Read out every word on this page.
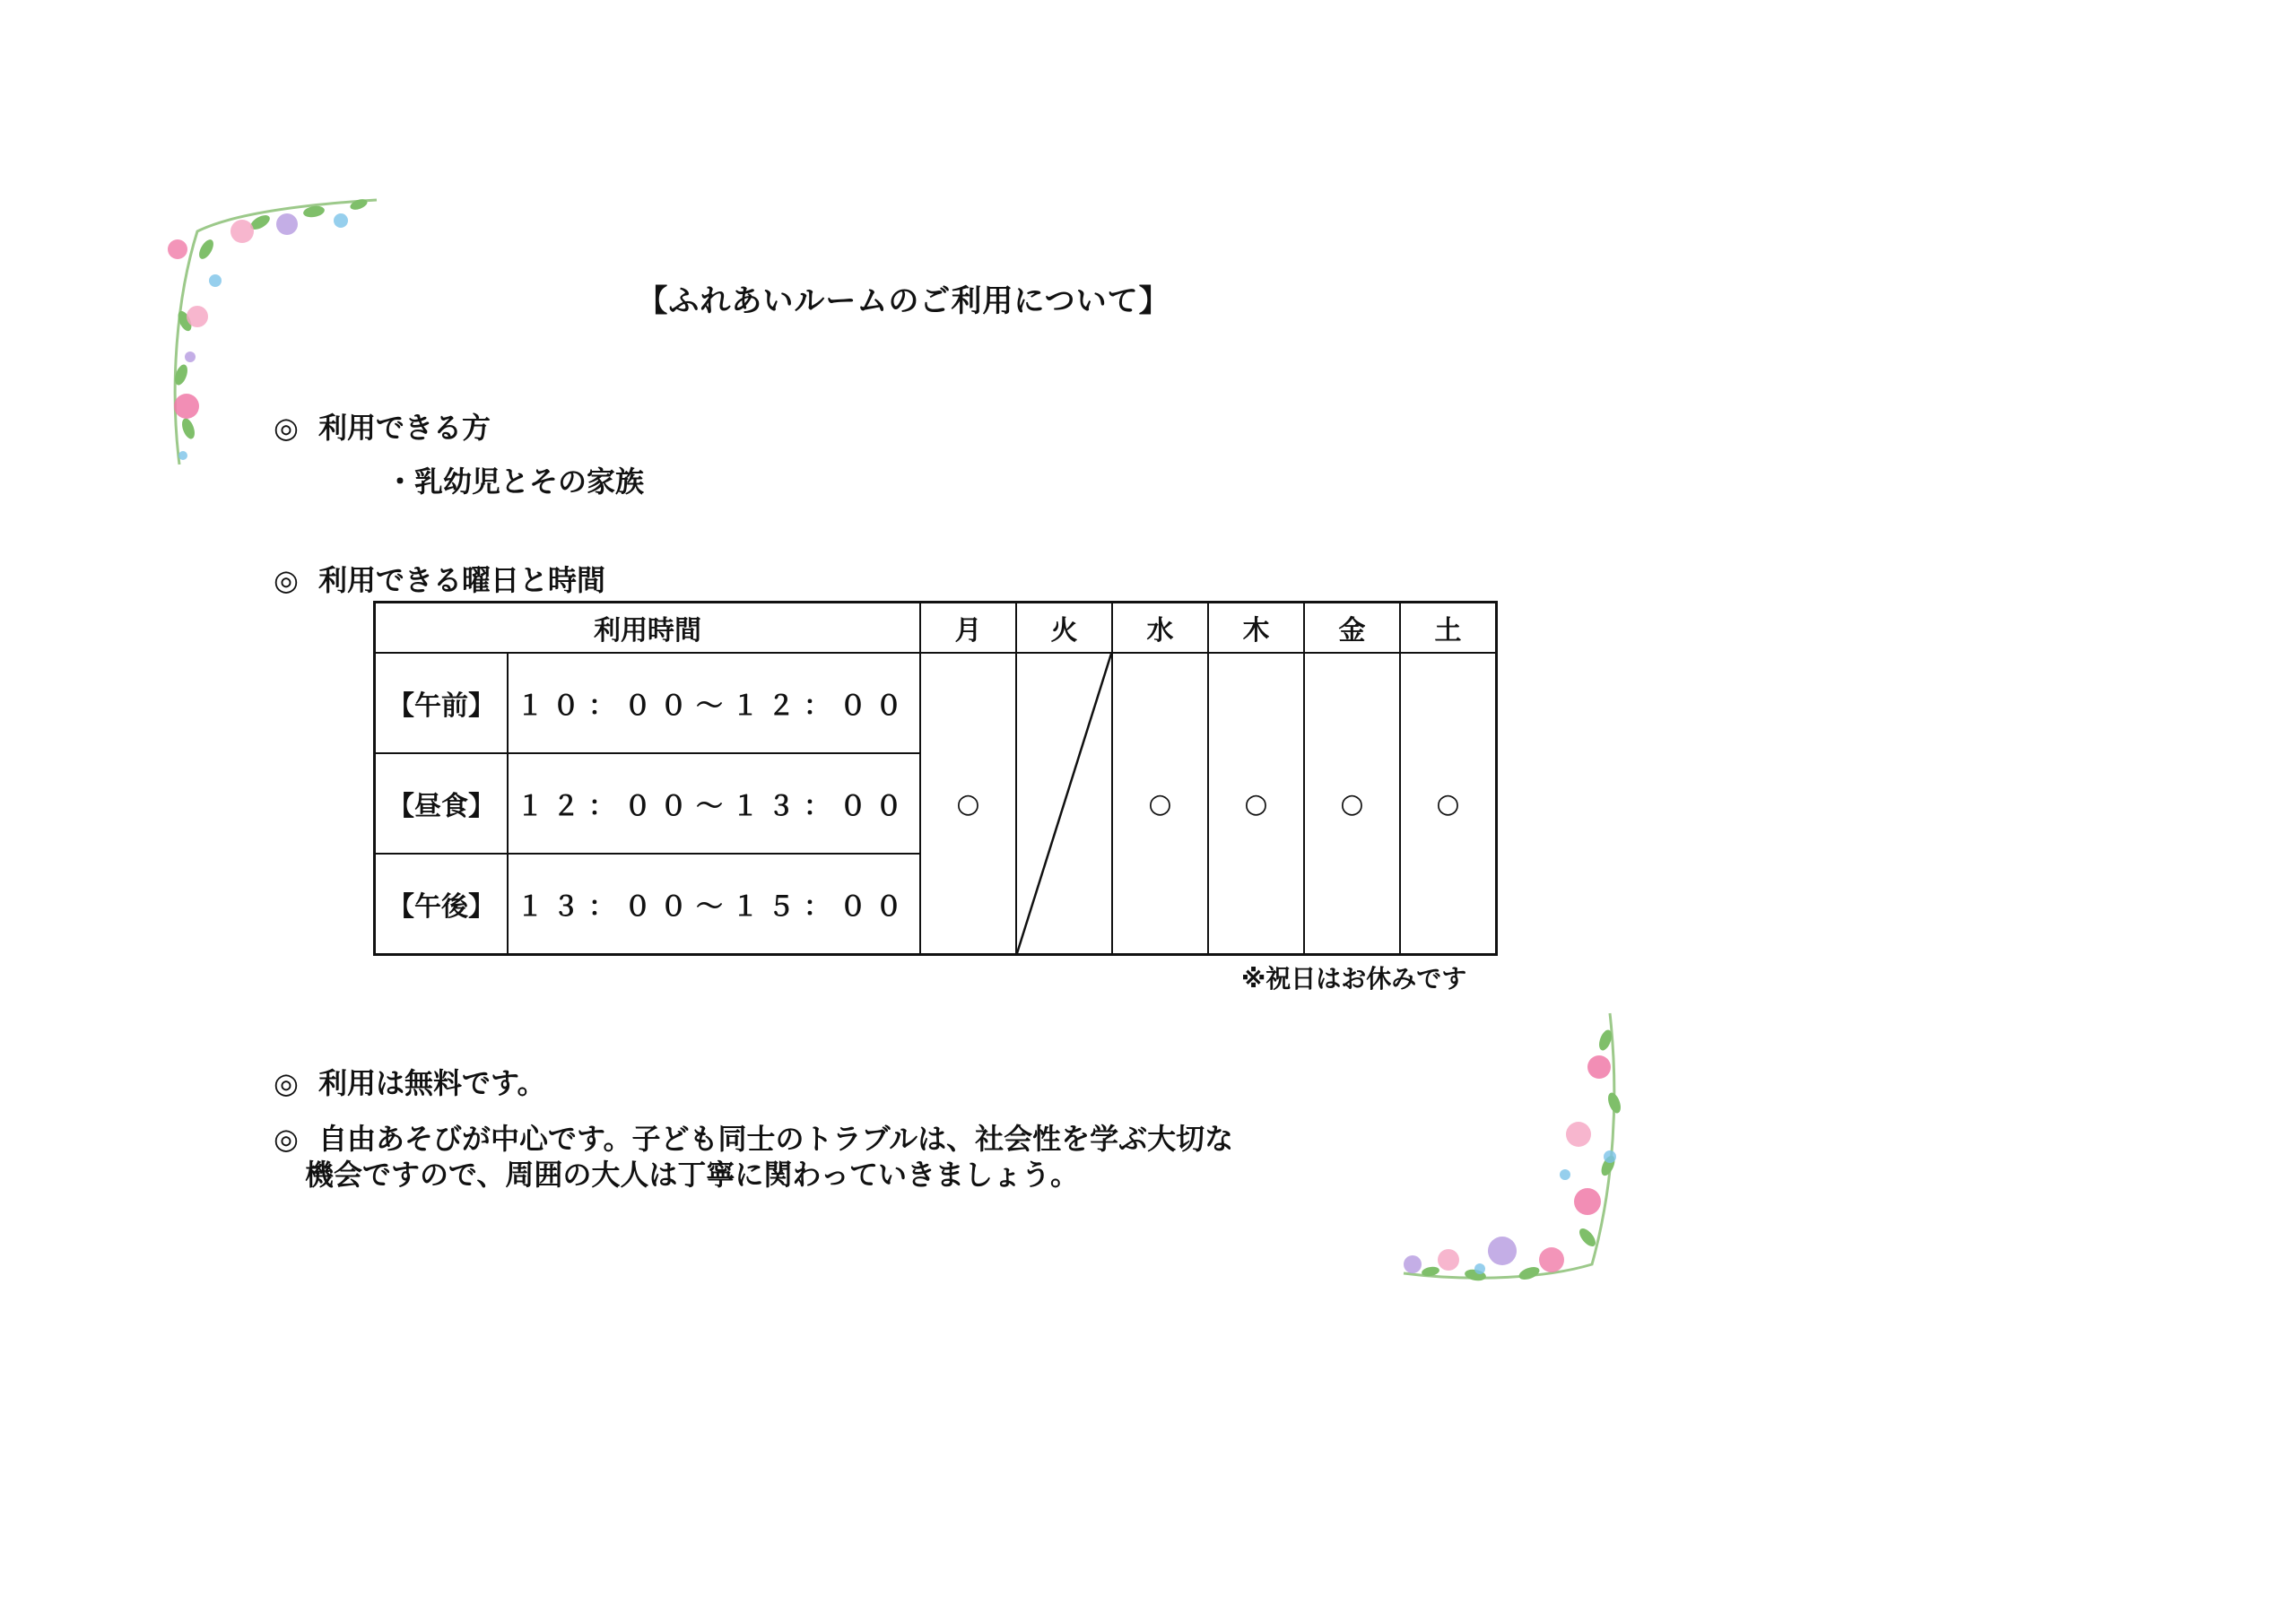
【ふれあいルームのご利用について】
◎ 利用できる方
・乳幼児とその家族
◎ 利用できる曜日と時間
利用時間		月	火	水	木	金	土
【午前】	１０：００～１２：００	○		○	○	○	○
【昼食】	１２：００～１３：００						
【午後】	１３：００～１５：００						
※祝日はお休みです
◎ 利用は無料です。
◎ 自由あそびが中心です。子ども同士のトラブルは、社会性を学ぶ大切な
機会ですので、周囲の大人は丁寧に関わっていきましょう。
